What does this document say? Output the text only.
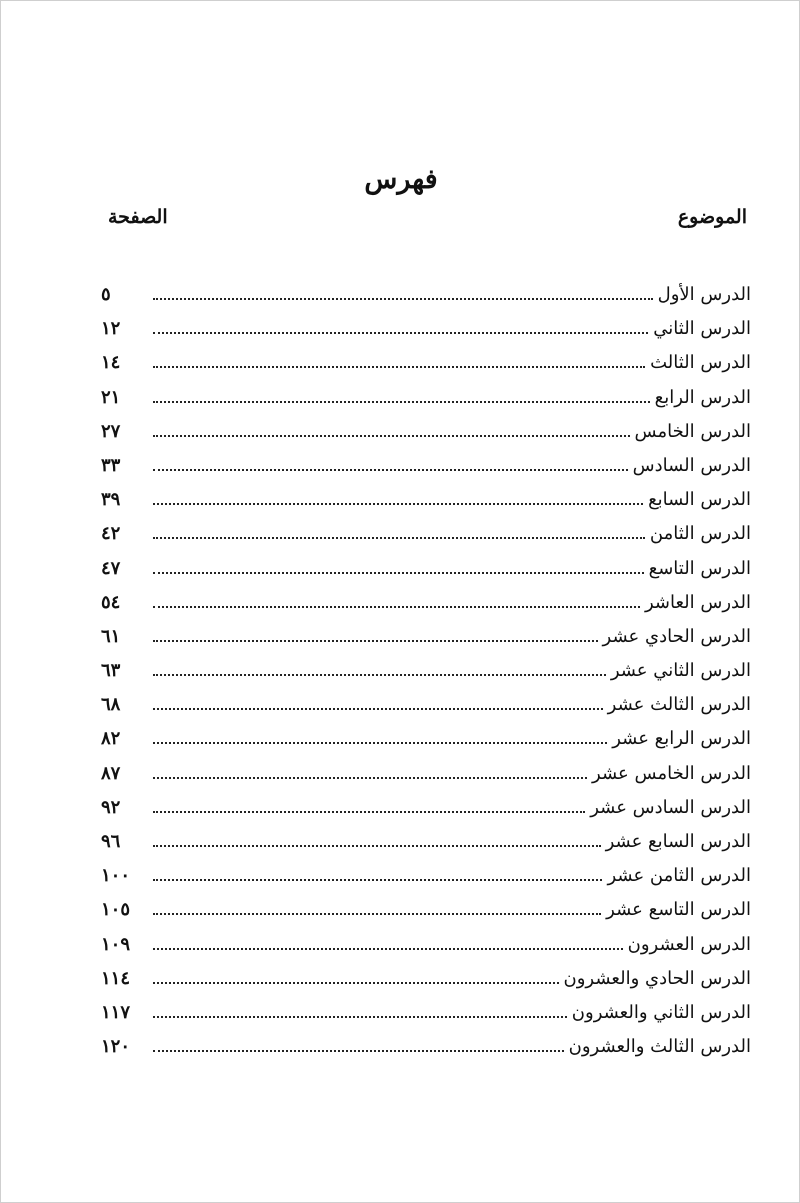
فهرس
الموضوع
الصفحة
الدرس الأول
٥
الدرس الثاني
١٢
الدرس الثالث
١٤
الدرس الرابع
٢١
الدرس الخامس
٢٧
الدرس السادس
٣٣
الدرس السابع
٣٩
الدرس الثامن
٤٢
الدرس التاسع
٤٧
الدرس العاشر
٥٤
الدرس الحادي عشر
٦١
الدرس الثاني عشر
٦٣
الدرس الثالث عشر
٦٨
الدرس الرابع عشر
٨٢
الدرس الخامس عشر
٨٧
الدرس السادس عشر
٩٢
الدرس السابع عشر
٩٦
الدرس الثامن عشر
١٠٠
الدرس التاسع عشر
١٠٥
الدرس العشرون
١٠٩
الدرس الحادي والعشرون
١١٤
الدرس الثاني والعشرون
١١٧
الدرس الثالث والعشرون
١٢٠
